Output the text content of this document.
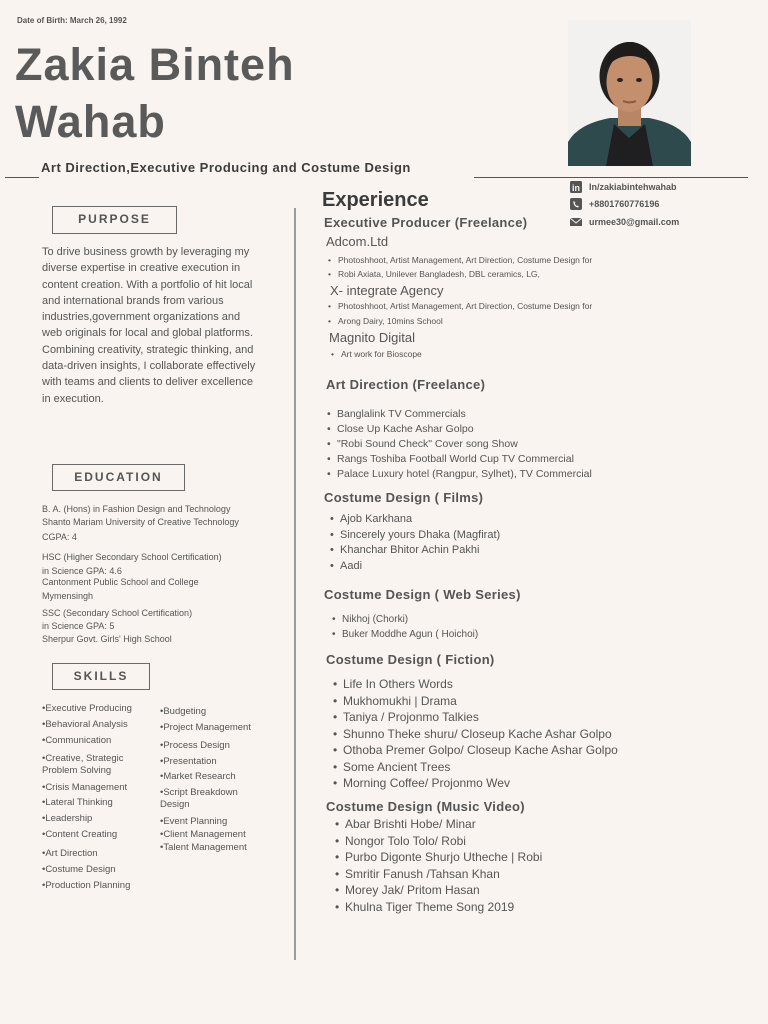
Date of Birth: March 26, 1992
Zakia Binteh
Wahab
Art Direction,Executive Producing and Costume Design
in In/zakiabintehwahab
+8801760776196
urmee30@gmail.com
PURPOSE
To drive business growth by leveraging my diverse expertise in creative execution in content creation. With a portfolio of hit local and international brands from various industries,government organizations and web originals for local and global platforms. Combining creativity, strategic thinking, and data-driven insights, I collaborate effectively with teams and clients to deliver excellence in execution.
EDUCATION
B. A. (Hons) in Fashion Design and Technology
Shanto Mariam University of Creative Technology
CGPA: 4
HSC (Higher Secondary School Certification)
in Science GPA: 4.6
Cantonment Public School and College
Mymensingh
SSC (Secondary School Certification)
in Science GPA: 5
Sherpur Govt. Girls' High School
SKILLS
•Executive Producing
•Behavioral Analysis
•Communication
•Creative, Strategic Problem Solving
•Crisis Management
•Lateral Thinking
•Leadership
•Content Creating
•Art Direction
•Costume Design
•Production Planning
•Budgeting
•Project Management
•Process Design
•Presentation
•Market Research
•Script Breakdown Design
•Event Planning
•Client Management
•Talent Management
Experience
Executive Producer (Freelance)
Adcom.Ltd
• Photoshhoot, Artist Management, Art Direction, Costume Design for
• Robi Axiata, Unilever Bangladesh, DBL ceramics, LG,
X- integrate Agency
• Photoshhoot, Artist Management, Art Direction, Costume Design for
• Arong Dairy, 10mins School
Magnito Digital
• Art work for Bioscope
Art Direction (Freelance)
• Banglalink TV Commercials
• Close Up Kache Ashar Golpo
• "Robi Sound Check" Cover song Show
• Rangs Toshiba Football World Cup TV Commercial
• Palace Luxury hotel (Rangpur, Sylhet), TV Commercial
Costume Design ( Films)
• Ajob Karkhana
• Sincerely yours Dhaka (Magfirat)
• Khanchar Bhitor Achin Pakhi
• Aadi
Costume Design ( Web Series)
• Nikhoj (Chorki)
• Buker Moddhe Agun ( Hoichoi)
Costume Design ( Fiction)
• Life In Others Words
• Mukhomukhi | Drama
• Taniya / Projonmo Talkies
• Shunno Theke shuru/ Closeup Kache Ashar Golpo
• Othoba Premer Golpo/ Closeup Kache Ashar Golpo
• Some Ancient Trees
• Morning Coffee/ Projonmo Wev
Costume Design (Music Video)
• Abar Brishti Hobe/ Minar
• Nongor Tolo Tolo/ Robi
• Purbo Digonte Shurjo Utheche | Robi
• Smritir Fanush /Tahsan Khan
• Morey Jak/ Pritom Hasan
• Khulna Tiger Theme Song 2019
